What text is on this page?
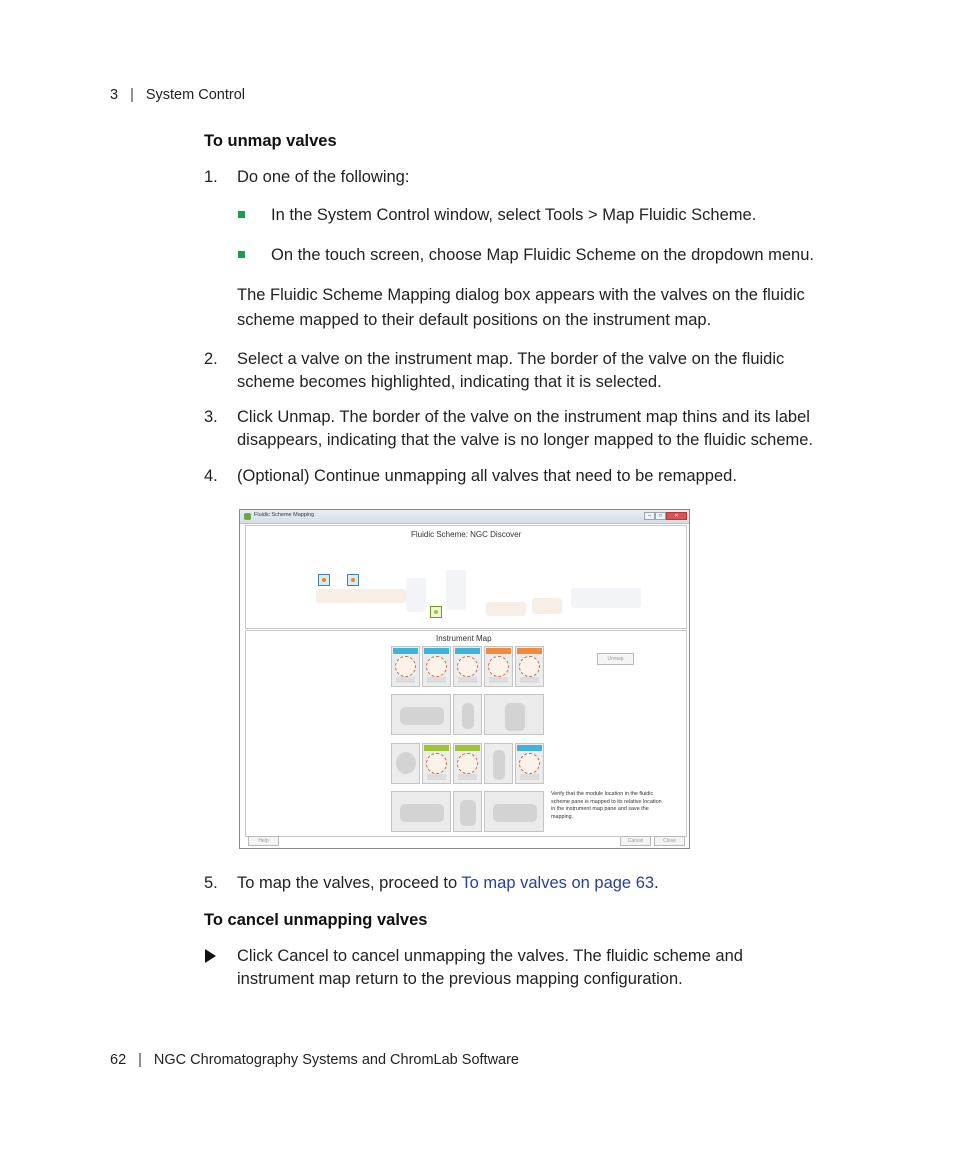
3 | System Control
To unmap valves
1. Do one of the following:
In the System Control window, select Tools > Map Fluidic Scheme.
On the touch screen, choose Map Fluidic Scheme on the dropdown menu.
The Fluidic Scheme Mapping dialog box appears with the valves on the fluidic
scheme mapped to their default positions on the instrument map.
2. Select a valve on the instrument map. The border of the valve on the fluidic
scheme becomes highlighted, indicating that it is selected.
3. Click Unmap. The border of the valve on the instrument map thins and its label
disappears, indicating that the valve is no longer mapped to the fluidic scheme.
4. (Optional) Continue unmapping all valves that need to be remapped.
Fluidic Scheme Mapping	–	□	✕
Fluidic Scheme: NGC Discover
Instrument Map
Unmap
Verify that the module location in the fluidic
scheme pane is mapped to its relative location
in the instrument map pane and save the
mapping.
Help	Cancel	Close
5. To map the valves, proceed to To map valves on page 63.
To cancel unmapping valves
Click Cancel to cancel unmapping the valves. The fluidic scheme and
instrument map return to the previous mapping configuration.
62 | NGC Chromatography Systems and ChromLab Software
